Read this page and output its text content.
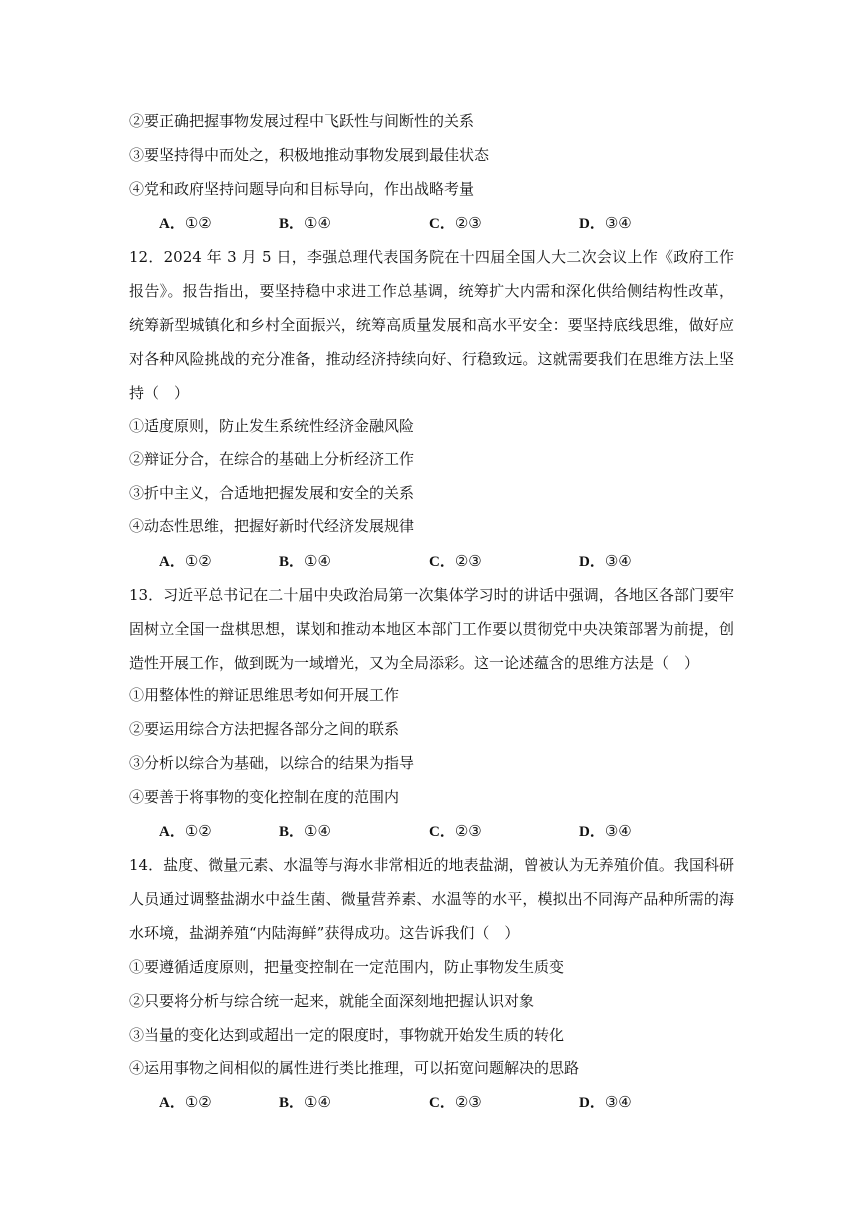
②要正确把握事物发展过程中飞跃性与间断性的关系
③要坚持得中而处之，积极地推动事物发展到最佳状态
④党和政府坚持问题导向和目标导向，作出战略考量
A．①②	B．①④	C．②③	D．③④
12．2024 年 3 月 5 日，李强总理代表国务院在十四届全国人大二次会议上作《政府工作报告》。报告指出，要坚持稳中求进工作总基调，统筹扩大内需和深化供给侧结构性改革，统筹新型城镇化和乡村全面振兴，统筹高质量发展和高水平安全：要坚持底线思维，做好应对各种风险挑战的充分准备，推动经济持续向好、行稳致远。这就需要我们在思维方法上坚持（　）
①适度原则，防止发生系统性经济金融风险
②辩证分合，在综合的基础上分析经济工作
③折中主义，合适地把握发展和安全的关系
④动态性思维，把握好新时代经济发展规律
A．①②	B．①④	C．②③	D．③④
13．习近平总书记在二十届中央政治局第一次集体学习时的讲话中强调，各地区各部门要牢固树立全国一盘棋思想，谋划和推动本地区本部门工作要以贯彻党中央决策部署为前提，创造性开展工作，做到既为一域增光，又为全局添彩。这一论述蕴含的思维方法是（　）
①用整体性的辩证思维思考如何开展工作
②要运用综合方法把握各部分之间的联系
③分析以综合为基础，以综合的结果为指导
④要善于将事物的变化控制在度的范围内
A．①②	B．①④	C．②③	D．③④
14．盐度、微量元素、水温等与海水非常相近的地表盐湖，曾被认为无养殖价值。我国科研人员通过调整盐湖水中益生菌、微量营养素、水温等的水平，模拟出不同海产品种所需的海水环境，盐湖养殖“内陆海鲜”获得成功。这告诉我们（　）
①要遵循适度原则，把量变控制在一定范围内，防止事物发生质变
②只要将分析与综合统一起来，就能全面深刻地把握认识对象
③当量的变化达到或超出一定的限度时，事物就开始发生质的转化
④运用事物之间相似的属性进行类比推理，可以拓宽问题解决的思路
A．①②	B．①④	C．②③	D．③④
